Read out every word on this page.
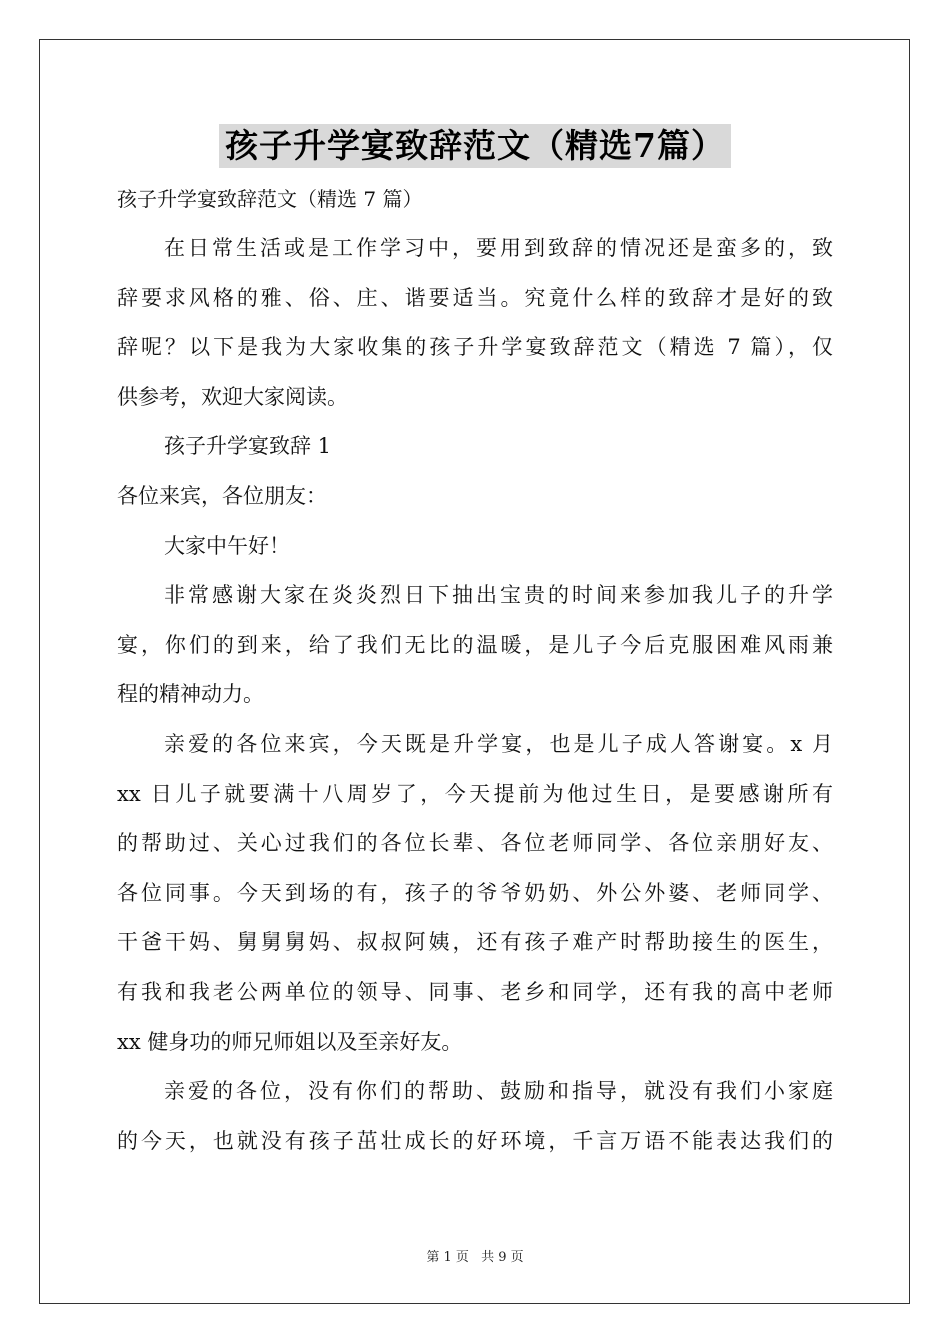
孩子升学宴致辞范文（精选7篇）

孩子升学宴致辞范文（精选 7 篇）

在日常生活或是工作学习中，要用到致辞的情况还是蛮多的，致

辞要求风格的雅、俗、庄、谐要适当。究竟什么样的致辞才是好的致

辞呢？以下是我为大家收集的孩子升学宴致辞范文（精选 7 篇），仅

供参考，欢迎大家阅读。

孩子升学宴致辞 1

各位来宾，各位朋友：

大家中午好！

非常感谢大家在炎炎烈日下抽出宝贵的时间来参加我儿子的升学

宴，你们的到来，给了我们无比的温暖，是儿子今后克服困难风雨兼

程的精神动力。

亲爱的各位来宾，今天既是升学宴，也是儿子成人答谢宴。x 月

xx 日儿子就要满十八周岁了，今天提前为他过生日，是要感谢所有

的帮助过、关心过我们的各位长辈、各位老师同学、各位亲朋好友、

各位同事。今天到场的有，孩子的爷爷奶奶、外公外婆、老师同学、

干爸干妈、舅舅舅妈、叔叔阿姨，还有孩子难产时帮助接生的医生，

有我和我老公两单位的领导、同事、老乡和同学，还有我的高中老师

xx 健身功的师兄师姐以及至亲好友。

亲爱的各位，没有你们的帮助、鼓励和指导，就没有我们小家庭

的今天，也就没有孩子茁壮成长的好环境，千言万语不能表达我们的

第 1 页 共 9 页
